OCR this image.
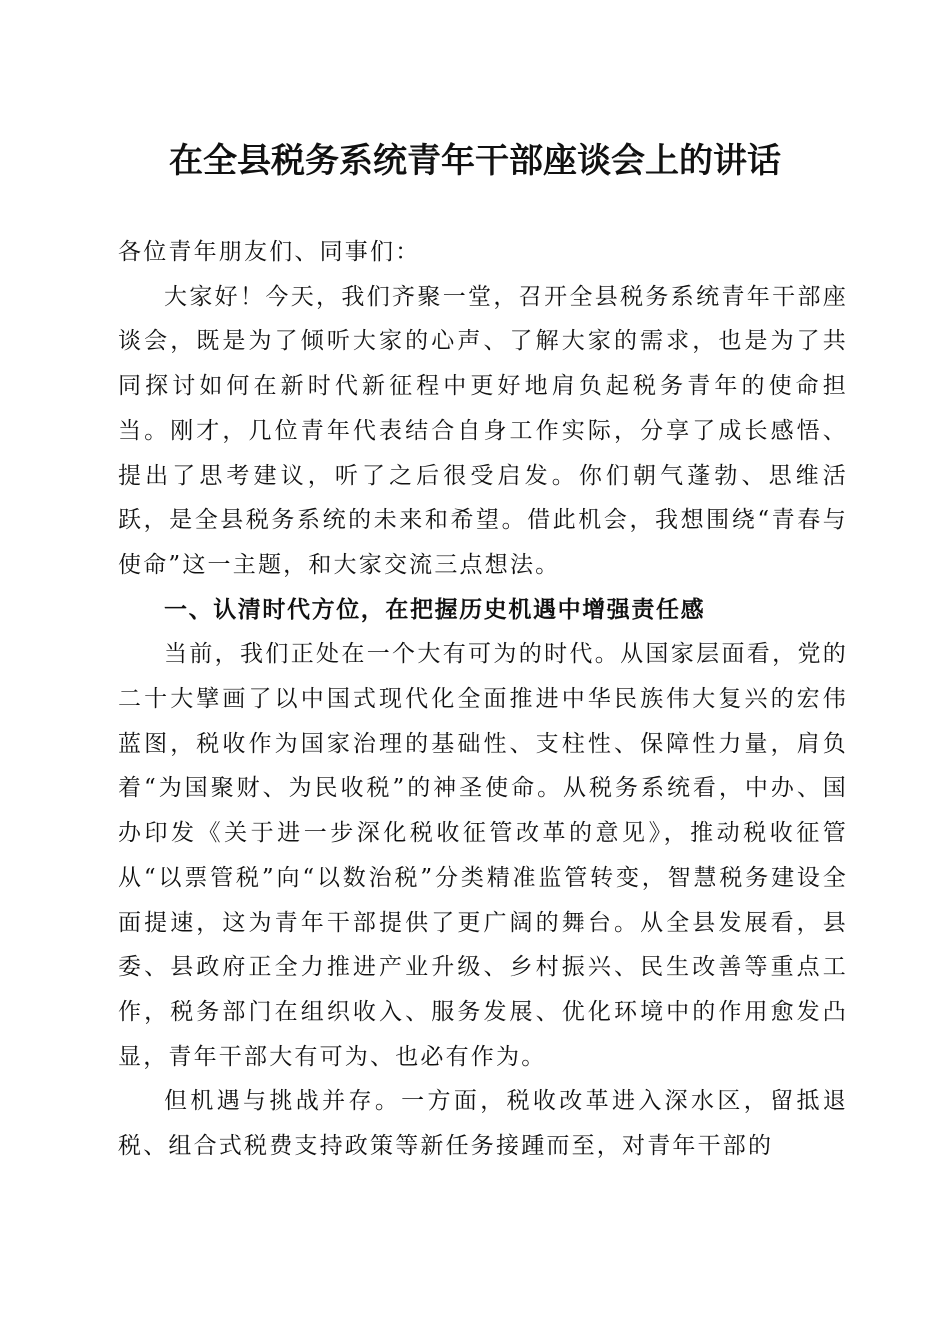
在全县税务系统青年干部座谈会上的讲话

各位青年朋友们、同事们：

大家好！今天，我们齐聚一堂，召开全县税务系统青年干部座谈会，既是为了倾听大家的心声、了解大家的需求，也是为了共同探讨如何在新时代新征程中更好地肩负起税务青年的使命担当。刚才，几位青年代表结合自身工作实际，分享了成长感悟、提出了思考建议，听了之后很受启发。你们朝气蓬勃、思维活跃，是全县税务系统的未来和希望。借此机会，我想围绕“青春与使命”这一主题，和大家交流三点想法。

一、认清时代方位，在把握历史机遇中增强责任感

当前，我们正处在一个大有可为的时代。从国家层面看，党的二十大擘画了以中国式现代化全面推进中华民族伟大复兴的宏伟蓝图，税收作为国家治理的基础性、支柱性、保障性力量，肩负着“为国聚财、为民收税”的神圣使命。从税务系统看，中办、国办印发《关于进一步深化税收征管改革的意见》，推动税收征管从“以票管税”向“以数治税”分类精准监管转变，智慧税务建设全面提速，这为青年干部提供了更广阔的舞台。从全县发展看，县委、县政府正全力推进产业升级、乡村振兴、民生改善等重点工作，税务部门在组织收入、服务发展、优化环境中的作用愈发凸显，青年干部大有可为、也必有作为。

但机遇与挑战并存。一方面，税收改革进入深水区，留抵退税、组合式税费支持政策等新任务接踵而至，对青年干部的
